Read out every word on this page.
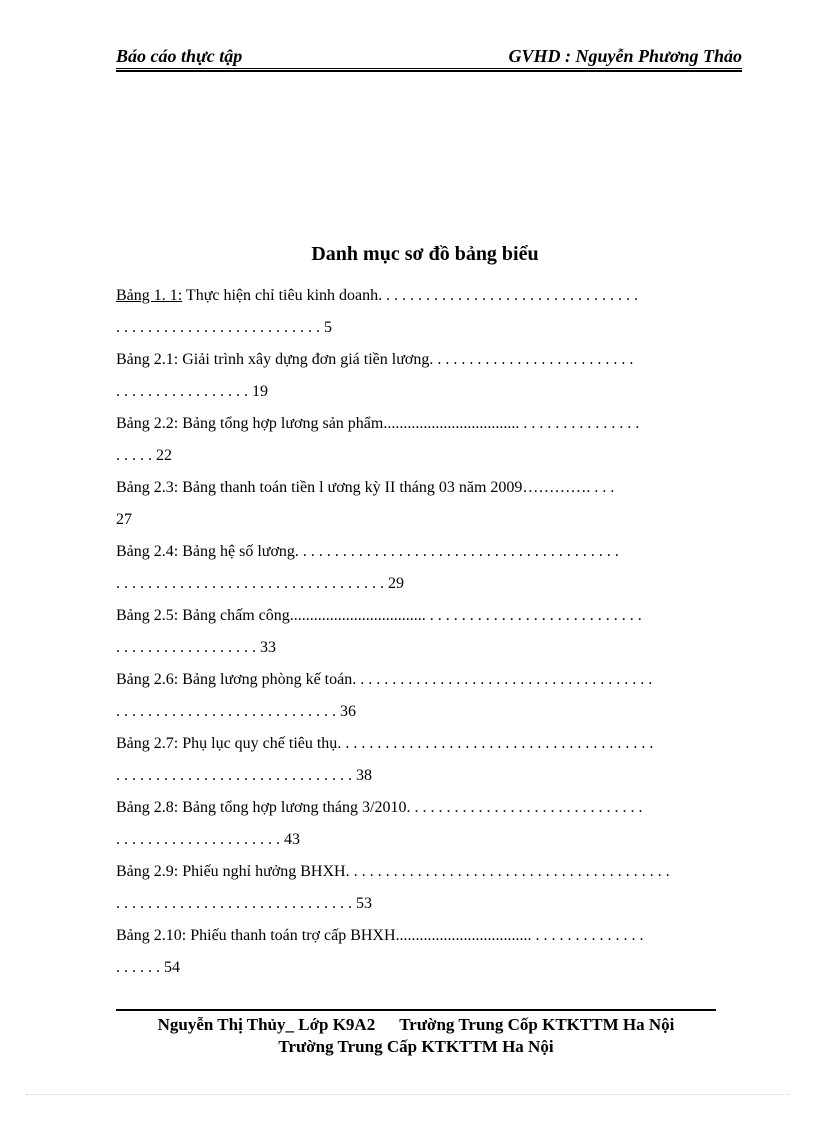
Báo cáo thực tập	GVHD : Nguyễn Phương Thảo
Danh mục sơ đồ bảng biểu
Bảng 1. 1: Thực hiện chỉ tiêu kinh doanh. . . . . . . . . . . . . . . . . . . . . . . . . . . . . . . . .
. . . . . . . . . . . . . . . . . . . . . . . . . . 5
Bảng 2.1: Giải trình xây dựng đơn giá tiền lương. . . . . . . . . . . . . . . . . . . . . . . . . .
. . . . . . . . . . . . . . . . . 19
Bảng 2.2: Bảng tổng hợp lương sản phẩm.................................. . . . . . . . . . . . . . . .
. . . . . 22
Bảng 2.3: Bảng thanh toán tiền l ương kỳ II tháng 03 năm 2009…………. . . .
27
Bảng 2.4: Bảng hệ số lương. . . . . . . . . . . . . . . . . . . . . . . . . . . . . . . . . . . . . . . . .
. . . . . . . . . . . . . . . . . . . . . . . . . . . . . . . . . . 29
Bảng 2.5: Bảng chấm công.................................. . . . . . . . . . . . . . . . . . . . . . . . . . . .
. . . . . . . . . . . . . . . . . . 33
Bảng 2.6: Bảng lương phòng kế toán. . . . . . . . . . . . . . . . . . . . . . . . . . . . . . . . . . . . . .
. . . . . . . . . . . . . . . . . . . . . . . . . . . . 36
Bảng 2.7: Phụ lục quy chế tiêu thụ. . . . . . . . . . . . . . . . . . . . . . . . . . . . . . . . . . . . . . . .
. . . . . . . . . . . . . . . . . . . . . . . . . . . . . . 38
Bảng 2.8: Bảng tổng hợp lương tháng 3/2010. . . . . . . . . . . . . . . . . . . . . . . . . . . . . .
. . . . . . . . . . . . . . . . . . . . . 43
Bảng 2.9: Phiếu nghỉ hưởng BHXH. . . . . . . . . . . . . . . . . . . . . . . . . . . . . . . . . . . . . . . . .
. . . . . . . . . . . . . . . . . . . . . . . . . . . . . . 53
Bảng 2.10: Phiếu thanh toán trợ cấp BHXH.................................. . . . . . . . . . . . . . .
. . . . . . 54
Nguyễn Thị Thủy_ Lớp K9A2 Trường Trung Cốp KTKTTM Ha Nội
Trường Trung Cấp KTKTTM Ha Nội
